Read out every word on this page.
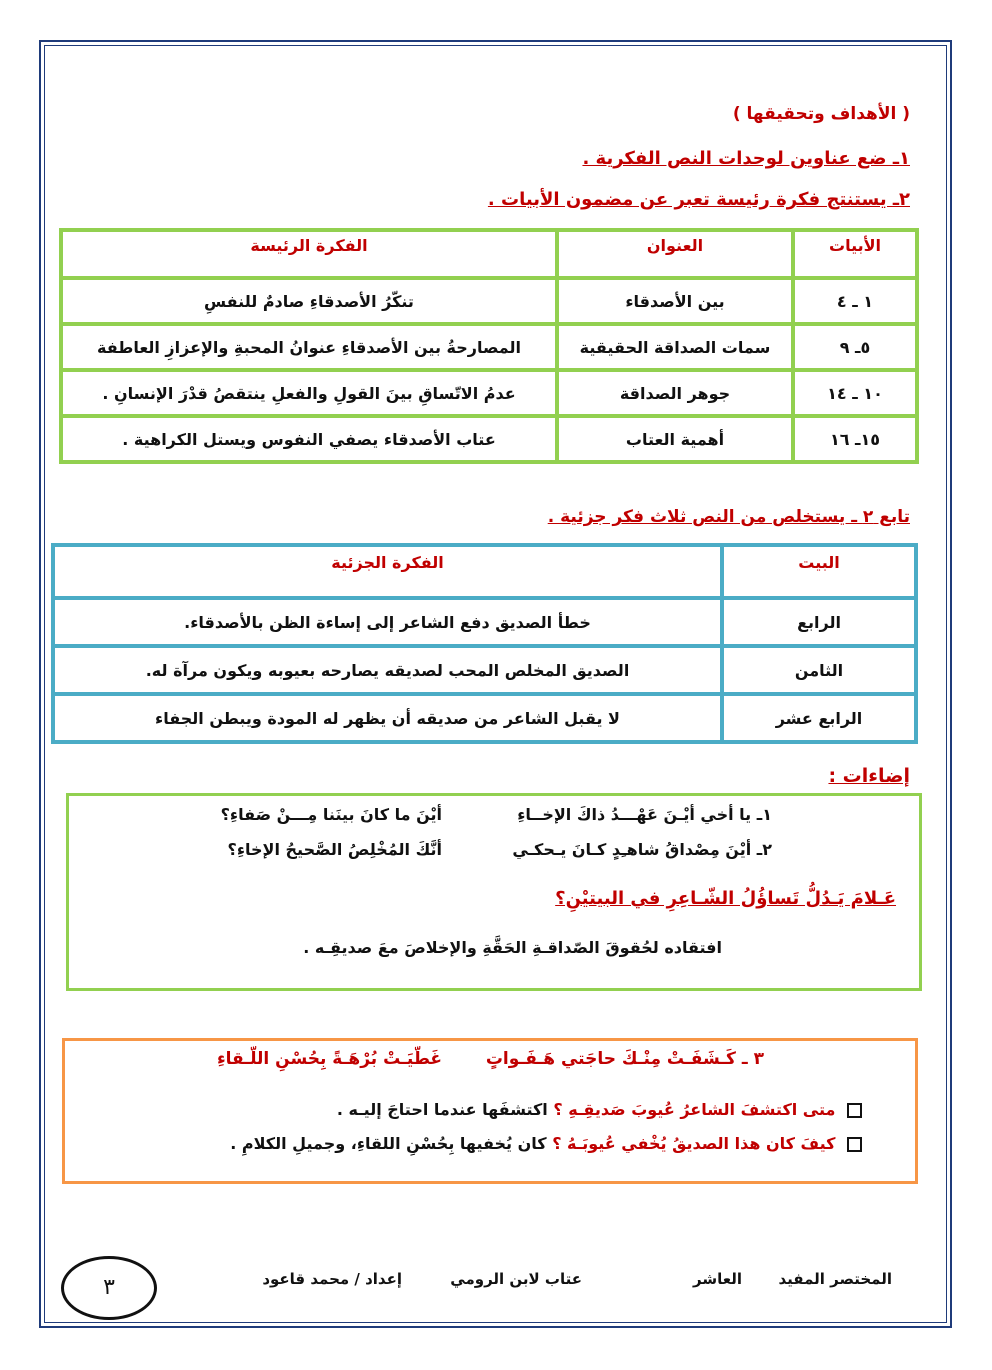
( الأهداف وتحقيقها )
١ـ ضع عناوين لوحدات النص الفكرية .
٢ـ يستنتج فكرة رئيسة تعبر عن مضمون الأبيات .
الأبيات	العنوان	الفكرة الرئيسة
١ ـ ٤	بين الأصدقاء	تنكّرُ الأصدقاءِ صادمٌ للنفسِ
٥ـ ٩	سمات الصداقة الحقيقية	المصارحةُ بين الأصدقاءِ عنوانُ المحبةِ والإعزازِ العاطفة
١٠ ـ ١٤	جوهر الصداقة	عدمُ الاتّساقِ بينَ القولِ والفعلِ ينتقصُ قدْرَ الإنسانِ .
١٥ـ ١٦	أهمية العتاب	عتاب الأصدقاء يصفي النفوس ويستل الكراهية .
تابع ٢ ـ يستخلص من النص ثلاث فكر جزئية .
البيت	الفكرة الجزئية
الرابع	خطأ الصديق دفع الشاعر إلى إساءة الظن بالأصدقاء.
الثامن	الصديق المخلص المحب لصديقه يصارحه بعيوبه ويكون مرآة له.
الرابع عشر	لا يقبل الشاعر من صديقه أن يظهر له المودة ويبطن الجفاء
إضاءات :
١ـ يا أخي أيْـنَ عَهْـــدُ ذاكَ الإخــاءِ
أيْنَ ما كانَ بينَنا مِـــنْ صَفاءِ؟
٢ـ أيْنَ مِصْداقُ شاهـِدٍ كـانَ يـحكـي
أنَّكَ المُخْلِصُ الصَّحيحُ الإخاءِ؟
عَـلامَ يَـدُلُّ تَساؤُلُ الشّـاعِرِ في البيتيْنِ؟
افتقاده لحُقوقَ الصّداقـةِ الحَقَّةِ والإخلاصَ معَ صديقِـه .
٣ ـ كَـشَفَـتْ مِنْـكَ حاجَتي هَـفَـواتٍ
غَطّيَـتْ بُرْهَـةً بِحُسْنِ اللّـقاءِ
متى اكتشفَ الشاعرُ عُيوبَ صَديقِـهِ ؟ اكتشفَها عندما احتاجَ إليـه .
كيفَ كان هذا الصديقُ يُخْفي عُيوبَـهُ ؟ كان يُخفيها بِحُسْنِ اللقاءِ، وجميلِ الكلامِ .
المختصر المفيد
العاشر
عتاب لابن الرومي
إعداد / محمد قاعود
٣
